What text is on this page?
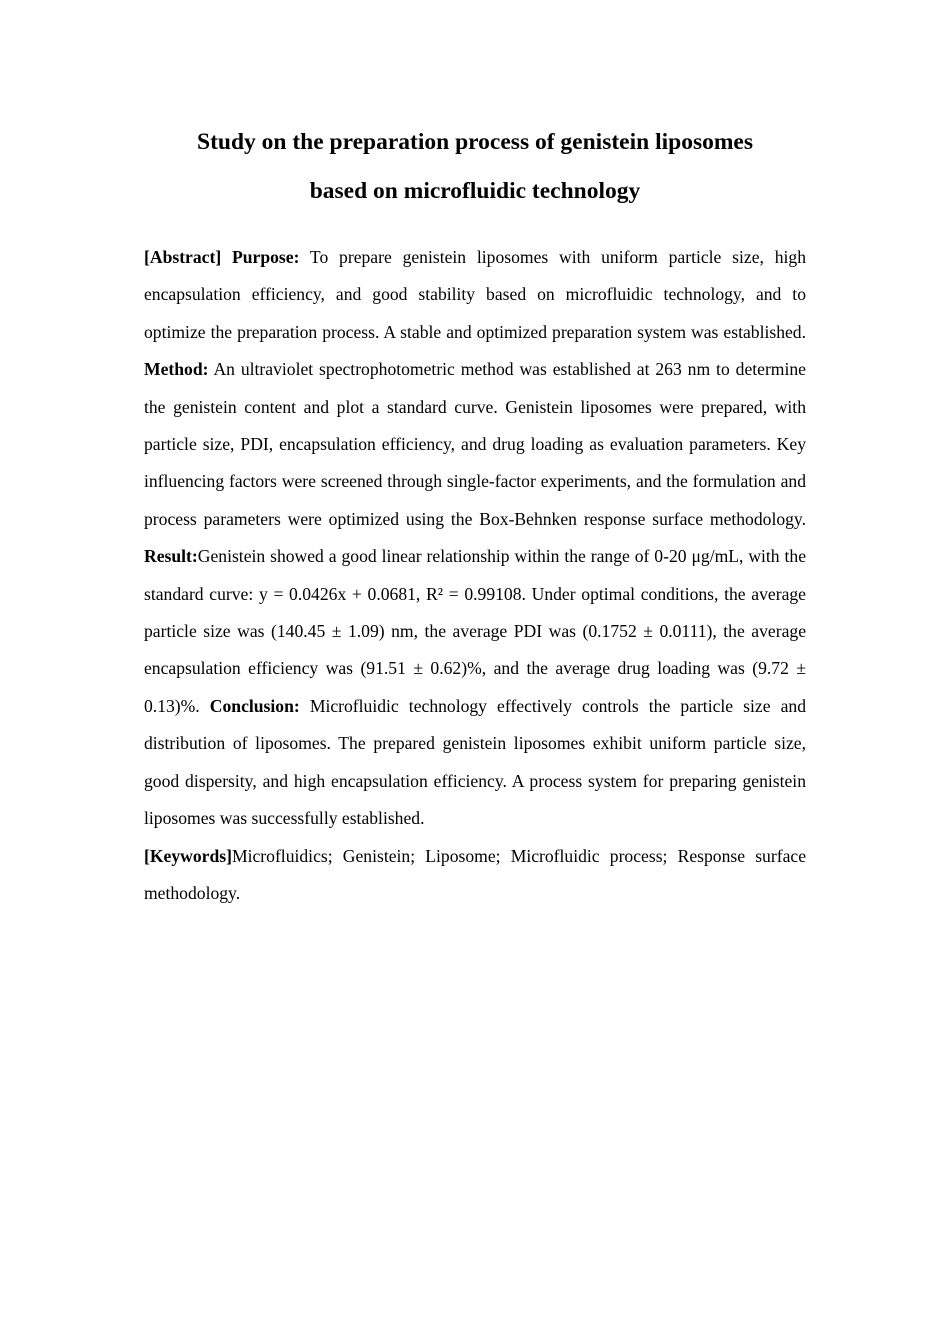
Study on the preparation process of genistein liposomes
based on microfluidic technology

[Abstract] Purpose: To prepare genistein liposomes with uniform particle size, high encapsulation efficiency, and good stability based on microfluidic technology, and to optimize the preparation process. A stable and optimized preparation system was established. Method: An ultraviolet spectrophotometric method was established at 263 nm to determine the genistein content and plot a standard curve. Genistein liposomes were prepared, with particle size, PDI, encapsulation efficiency, and drug loading as evaluation parameters. Key influencing factors were screened through single-factor experiments, and the formulation and process parameters were optimized using the Box-Behnken response surface methodology. Result:Genistein showed a good linear relationship within the range of 0-20 μg/mL, with the standard curve: y = 0.0426x + 0.0681, R² = 0.99108. Under optimal conditions, the average particle size was (140.45 ± 1.09) nm, the average PDI was (0.1752 ± 0.0111), the average encapsulation efficiency was (91.51 ± 0.62)%, and the average drug loading was (9.72 ± 0.13)%. Conclusion: Microfluidic technology effectively controls the particle size and distribution of liposomes. The prepared genistein liposomes exhibit uniform particle size, good dispersity, and high encapsulation efficiency. A process system for preparing genistein liposomes was successfully established.

[Keywords]Microfluidics; Genistein; Liposome; Microfluidic process; Response surface methodology.
